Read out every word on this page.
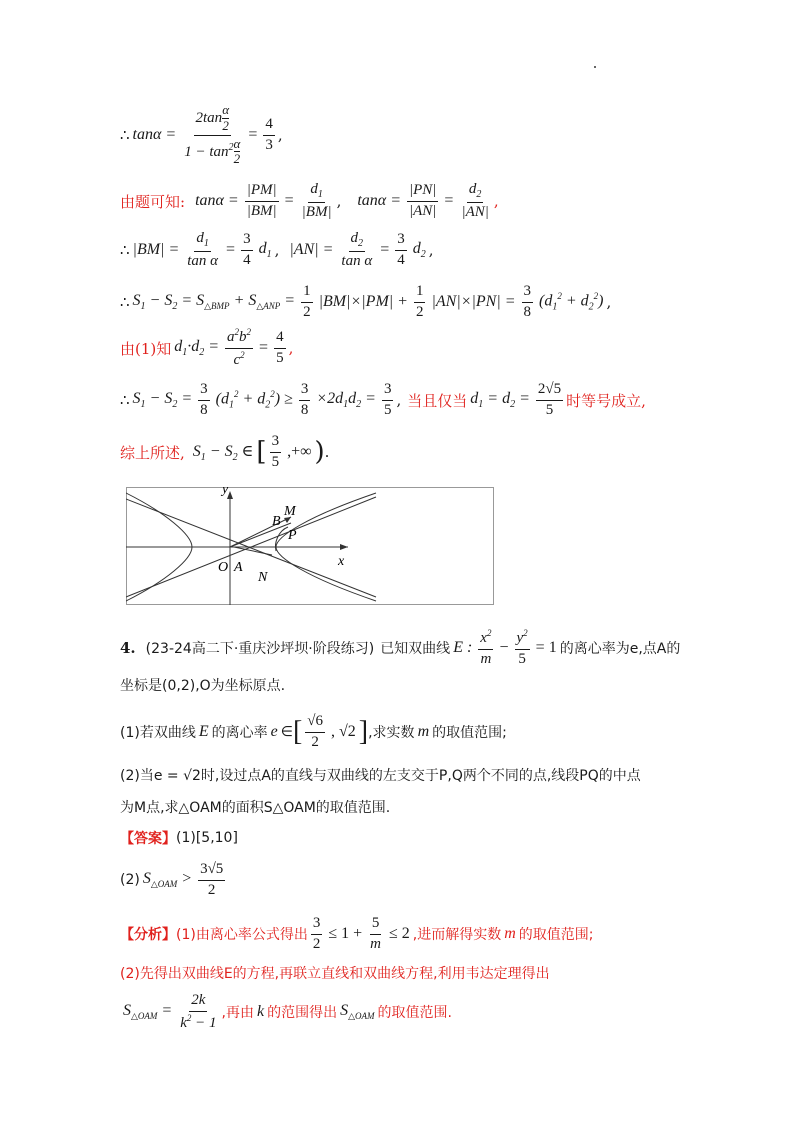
∴ $\tan\alpha = \frac{2\tan \frac{\alpha}{2}}{1 - \tan^2 \frac{\alpha}{2}} = \frac{4}{3}$ ,
由题可知: $\tan\alpha = \frac{|PM|}{|BM|} = \frac{d_1}{|BM|}$ , $\tan\alpha = \frac{|PN|}{|AN|} = \frac{d_2}{|AN|}$ ,
∴ $|BM| = \frac{d_1}{\text{tan α}} = \frac{3}{4} d_1$ , $|AN| = \frac{d_2}{\text{tan α}} = \frac{3}{4} d_2$ ,
∴ $S_1 - S_2 = S_{\triangle BMP} + S_{\triangle ANP} = \frac{1}{2} |BM|\times|PM| + \frac{1}{2} |AN|\times|PN| = \frac{3}{8} (d_1^2 + d_2^2)$ ,
由(1)知 $d_1\cdot d_2 = \frac{a^2b^2}{c^2} = \frac{4}{5}$ ,
∴ $S_1 - S_2 = \frac{3}{8} (d_1^2 + d_2^2) \ge \frac{3}{8} \times 2d_1d_2 = \frac{3}{5}$ , 当且仅当 $d_1 = d_2 = \frac{2√5}{5}$ 时等号成立,
综上所述, $S_1 - S_2$ ∈ [ $\frac{3}{5}$ ,+∞ ) .
y
x
O A
B
M
P
N
4. (23-24高二下·重庆沙坪坝·阶段练习) 已知双曲线 E : $\frac{x^2}{m} - \frac{y^2}{5} = 1$ 的离心率为e,点A的
坐标是(0,2),O为坐标原点.
(1)若双曲线 E 的离心率 e ∈ [ $\frac{√6}{2}$ , √2 ] ,求实数 m 的取值范围;
(2)当e = √2时,设过点A的直线与双曲线的左支交于P,Q两个不同的点,线段PQ的中点
为M点,求△OAM的面积S△OAM的取值范围.
【答案】 (1)[5,10]
(2) $S_{\triangle OAM} > \frac{3√5}{2}$
【分析】 (1)由离心率公式得出 $\frac{3}{2} \le 1 + \frac{5}{m} \le 2$ ,进而解得实数 m 的取值范围;
(2)先得出双曲线E的方程,再联立直线和双曲线方程,利用韦达定理得出
$S_{\triangle OAM} = \frac{2k}{k^2 - 1}$ ,再由 k 的范围得出 $S_{\triangle OAM}$ 的取值范围.
